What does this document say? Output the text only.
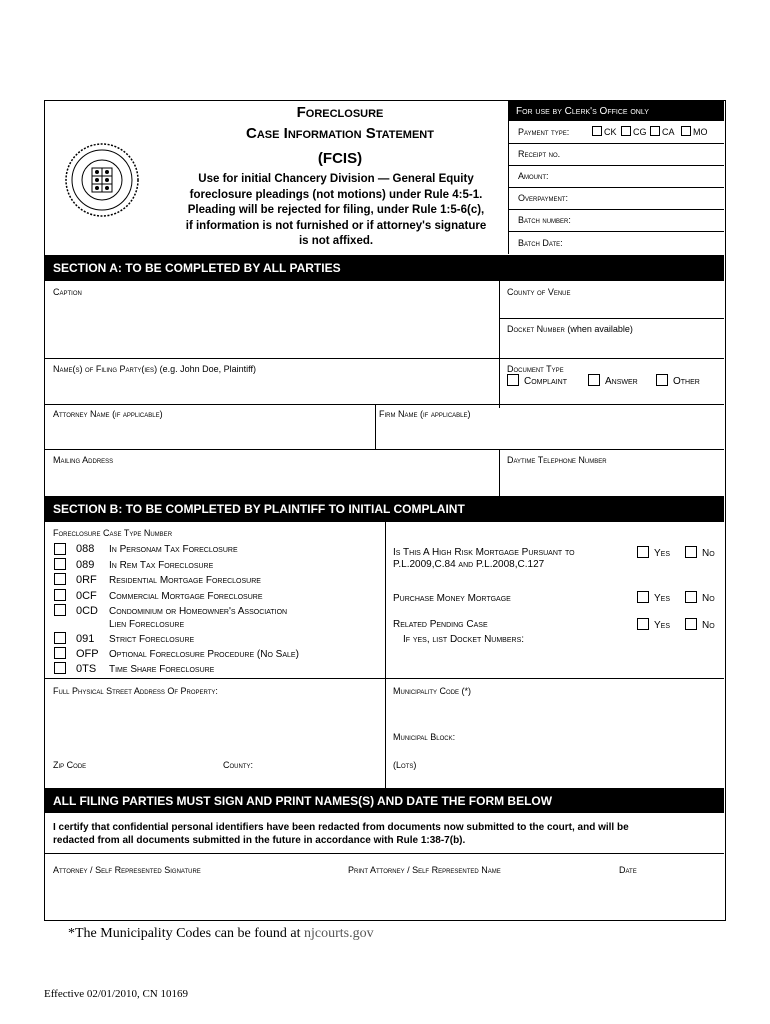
Foreclosure
Case Information Statement
(FCIS)
Use for initial Chancery Division — General Equity
foreclosure pleadings (not motions) under Rule 4:5-1.
Pleading will be rejected for filing, under Rule 1:5-6(c),
if information is not furnished or if attorney's signature
is not affixed.
For use by Clerk's Office only
Payment type:	CK CG CA MO
Receipt no.
Amount:
Overpayment:
Batch number:
Batch Date:
SECTION A: TO BE COMPLETED BY ALL PARTIES
Caption	County of Venue
Docket Number (when available)
Name(s) of Filing Party(ies) (e.g. John Doe, Plaintiff)	Document Type
Complaint	Answer	Other
Attorney Name (if applicable)	Firm Name (if applicable)
Mailing Address	Daytime Telephone Number
SECTION B: TO BE COMPLETED BY PLAINTIFF TO INITIAL COMPLAINT
Foreclosure Case Type Number
088 In Personam Tax Foreclosure
089 In Rem Tax Foreclosure
0RF Residential Mortgage Foreclosure
0CF Commercial Mortgage Foreclosure
0CD Condominium or Homeowner's Association
Lien Foreclosure
091 Strict Foreclosure
OFP Optional Foreclosure Procedure (No Sale)
0TS Time Share Foreclosure
Is This A High Risk Mortgage Pursuant to
P.L.2009,C.84 and P.L.2008,C.127
Yes	No
Purchase Money Mortgage	Yes	No
Related Pending Case	Yes	No
If yes, list Docket Numbers:
Full Physical Street Address Of Property:	Municipality Code (*)
Municipal Block:
Zip Code	County:	(Lots)
ALL FILING PARTIES MUST SIGN AND PRINT NAMES(S) AND DATE THE FORM BELOW
I certify that confidential personal identifiers have been redacted from documents now submitted to the court, and will be
redacted from all documents submitted in the future in accordance with Rule 1:38-7(b).
Attorney / Self Represented Signature	Print Attorney / Self Represented Name	Date
*The Municipality Codes can be found at njcourts.gov
Effective 02/01/2010, CN 10169
